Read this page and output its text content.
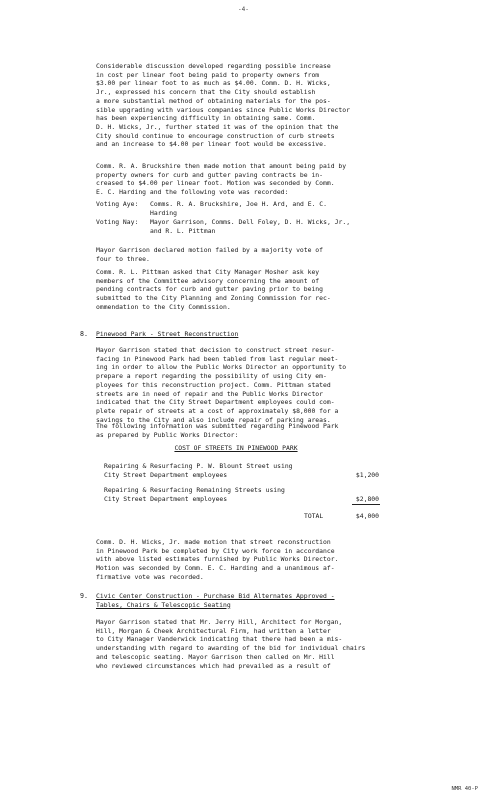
-4-
Considerable discussion developed regarding possible increase
in cost per linear foot being paid to property owners from
$3.00 per linear foot to as much as $4.00. Comm. D. H. Wicks,
Jr., expressed his concern that the City should establish
a more substantial method of obtaining materials for the pos-
sible upgrading with various companies since Public Works Director
has been experiencing difficulty in obtaining same. Comm.
D. H. Wicks, Jr., further stated it was of the opinion that the
City should continue to encourage construction of curb streets
and an increase to $4.00 per linear foot would be excessive.
Comm. R. A. Bruckshire then made motion that amount being paid by
property owners for curb and gutter paving contracts be in-
creased to $4.00 per linear foot. Motion was seconded by Comm.
E. C. Harding and the following vote was recorded:
Voting Aye:	Comms. R. A. Bruckshire, Joe H. Ard, and E. C.
Harding
Voting Nay:	Mayor Garrison, Comms. Dell Foley, D. H. Wicks, Jr.,
and R. L. Pittman
Mayor Garrison declared motion failed by a majority vote of
four to three.
Comm. R. L. Pittman asked that City Manager Mosher ask key
members of the Committee advisory concerning the amount of
pending contracts for curb and gutter paving prior to being
submitted to the City Planning and Zoning Commission for rec-
ommendation to the City Commission.
8. Pinewood Park - Street Reconstruction
Mayor Garrison stated that decision to construct street resur-
facing in Pinewood Park had been tabled from last regular meet-
ing in order to allow the Public Works Director an opportunity to
prepare a report regarding the possibility of using City em-
ployees for this reconstruction project. Comm. Pittman stated
streets are in need of repair and the Public Works Director
indicated that the City Street Department employees could com-
plete repair of streets at a cost of approximately $8,000 for a
savings to the City and also include repair of parking areas.
The following information was submitted regarding Pinewood Park
as prepared by Public Works Director:
COST OF STREETS IN PINEWOOD PARK
Repairing & Resurfacing P. W. Blount Street using
City Street Department employees	$1,200
Repairing & Resurfacing Remaining Streets using
City Street Department employees	$2,800
TOTAL	$4,000
Comm. D. H. Wicks, Jr. made motion that street reconstruction
in Pinewood Park be completed by City work force in accordance
with above listed estimates furnished by Public Works Director.
Motion was seconded by Comm. E. C. Harding and a unanimous af-
firmative vote was recorded.
9. Civic Center Construction - Purchase Bid Alternates Approved -
Tables, Chairs & Telescopic Seating
Mayor Garrison stated that Mr. Jerry Hill, Architect for Morgan,
Hill, Morgan & Cheek Architectural Firm, had written a letter
to City Manager Vanderwick indicating that there had been a mis-
understanding with regard to awarding of the bid for individual chairs
and telescopic seating. Mayor Garrison then called on Mr. Hill
who reviewed circumstances which had prevailed as a result of
NMR 40-P
